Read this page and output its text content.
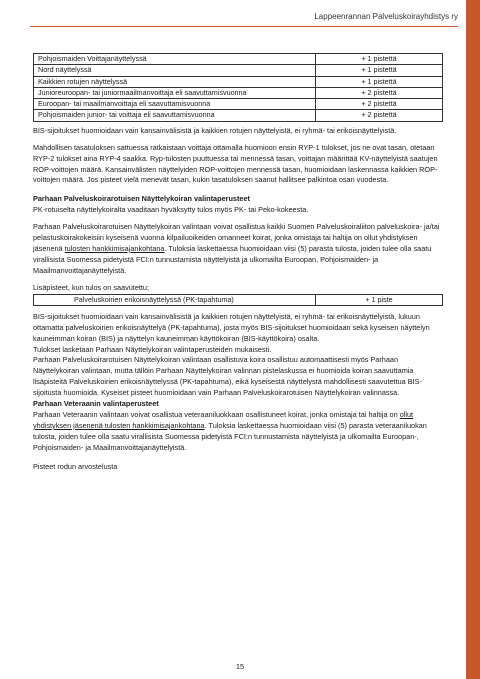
Lappeenrannan Palveluskoirayhdistys ry
Pohjoismaiden Voittajanäyttelyssä	+ 1 pistettä
Nord näyttelyssä	+ 1 pistettä
Kaikkien rotujen näyttelyssä	+ 1 pistettä
Junioreuroopan- tai juniormaailmanvoittaja eli saavuttamisvuonna	+ 2 pistettä
Euroopan- tai maailmanvoittaja eli saavuttamisvuonna	+ 2 pistettä
Pohjoismaiden junior- tai voittaja eli saavuttamisvuonna	+ 2 pistettä

BIS-sijoitukset huomioidaan vain kansainvälisistä ja kaikkien rotujen näyttelyistä, ei ryhmä- tai erikoisnäyttelyistä.

Mahdollisen tasatuloksen sattuessa ratkaistaan voittaja ottamalla huomioon ensin RYP-1 tulokset, jos ne ovat tasan, otetaan RYP-2 tulokset aina RYP-4 saakka. Ryp-tulosten puuttuessa tai mennessä tasan, voittajan määrittää KV-näyttelyistä saatujen ROP-voittojen määrä. Kansainvälisten näyttelyiden ROP-voittojen mennessä tasan, huomioidaan laskennassa kaikkien ROP-voittojen määrä. Jos pisteet vielä menevät tasan, kukin tasatuloksen saanut hallitsee palkintoa osan vuodesta.

Parhaan Palveluskoirarotuisen Näyttelykoiran valintaperusteet

PK-rotuiselta näyttelykoiralta vaaditaan hyväksytty tulos myös PK- tai Peko-kokeesta.

Parhaan Palveluskoirarotuisen Näyttelykoiran valintaan voivat osallistua kaikki Suomen Palveluskoiraliiton palveluskoira- ja/tai pelastuskoirakokeisiin kyseisenä vuonna kilpailuoikeiden omanneet koirat, jonka omistaja tai haltija on ollut yhdistyksen jäsenenä tulosten hankkimisajankohtana. Tuloksia laskettaessa huomioidaan viisi (5) parasta tulosta, joiden tulee olla saatu virallisista Suomessa pidetyistä FCI:n tunnustamista näyttelyistä ja ulkomailta Euroopan, Pohjoismaiden- ja Maailmanvoittajanäyttelyistä.

Lisäpisteet, kun tulos on saavutettu;

Palveluskoirien erikoisnäyttelyssä (PK-tapahtuma)	+ 1 piste

BIS-sijoitukset huomioidaan vain kansainvälisistä ja kaikkien rotujen näyttelyistä, ei ryhmä- tai erikoisnäyttelyistä, lukuun ottamatta palveluskoirien erikoisnäyttelyä (PK-tapahtuma), josta myös BIS-sijoitukset huomioidaan sekä kyseisen näyttelyn kauneimman koiran (BIS) ja näyttelyn kauneimman käyttökoiran (BIS-käyttökoira) osalta.

Tulokset lasketaan Parhaan Näyttelykoiran valintaperusteiden mukaisesti.

Parhaan Palveluskoirarotuisen Näyttelykoiran valintaan osallistuva koira osallistuu automaattisesti myös Parhaan Näyttelykoiran valintaan, mutta tällöin Parhaan Näyttelykoiran valinnan pistelaskussa ei huomioida koiran saavuttamia lisäpisteitä Palveluskoirien erikoisnäyttelyssä (PK-tapahtuma), eikä kyseisestä näyttelystä mahdollisesti saavutettua BIS-sijoitusta huomioida. Kyseiset pisteet huomioidaan vain Parhaan Palveluskoirarotuisen Näyttelykoiran valinnassa.

Parhaan Veteraanin valintaperusteet

Parhaan Veteraanin valintaan voivat osallistua veteraaniluokkaan osallistuneet koirat, jonka omistaja tai haltija on ollut yhdistyksen jäsenenä tulosten hankkimisajankohtana. Tuloksia laskettaessa huomioidaan viisi (5) parasta veteraaniluokan tulosta, joiden tulee olla saatu virallisista Suomessa pidetyistä FCI:n tunnustamista näyttelyistä ja ulkomailta Euroopan-, Pohjoismaiden- ja Maailmanvoittajanäyttelyistä.

Pisteet rodun arvostelusta

15
